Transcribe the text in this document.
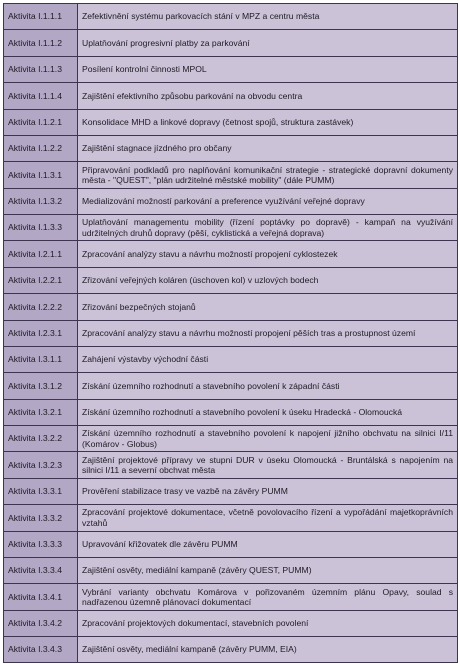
Aktivita I.1.1.1	Zefektivnění systému parkovacích stání v MPZ a centru města
Aktivita I.1.1.2	Uplatňování progresivní platby za parkování
Aktivita I.1.1.3	Posílení kontrolní činnosti MPOL
Aktivita I.1.1.4	Zajištění efektivního způsobu parkování na obvodu centra
Aktivita I.1.2.1	Konsolidace MHD a linkové dopravy (četnost spojů, struktura zastávek)
Aktivita I.1.2.2	Zajištění stagnace jízdného pro občany
Aktivita I.1.3.1	Připravování podkladů pro naplňování komunikační strategie - strategické dopravní dokumenty města - "QUEST", "plán udržitelné městské mobility" (dále PUMM)
Aktivita I.1.3.2	Medializování možností parkování a preference využívání veřejné dopravy
Aktivita I.1.3.3	Uplatňování managementu mobility (řízení poptávky po dopravě) - kampaň na využívání udržitelných druhů dopravy (pěší, cyklistická a veřejná doprava)
Aktivita I.2.1.1	Zpracování analýzy stavu a návrhu možností propojení cyklostezek
Aktivita I.2.2.1	Zřizování veřejných koláren (úschoven kol) v uzlových bodech
Aktivita I.2.2.2	Zřizování bezpečných stojanů
Aktivita I.2.3.1	Zpracování analýzy stavu a návrhu možností propojení pěších tras a prostupnost území
Aktivita I.3.1.1	Zahájení výstavby východní části
Aktivita I.3.1.2	Získání územního rozhodnutí a stavebního povolení k západní části
Aktivita I.3.2.1	Získání územního rozhodnutí a stavebního povolení k úseku Hradecká - Olomoucká
Aktivita I.3.2.2	Získání územního rozhodnutí a stavebního povolení k napojení jižního obchvatu na silnici I/11 (Komárov - Globus)
Aktivita I.3.2.3	Zajištění projektové přípravy ve stupni DUR v úseku Olomoucká - Bruntálská s napojením na silnici I/11 a severní obchvat města
Aktivita I.3.3.1	Prověření stabilizace trasy ve vazbě na závěry PUMM
Aktivita I.3.3.2	Zpracování projektové dokumentace, včetně povolovacího řízení a vypořádání majetkoprávních vztahů
Aktivita I.3.3.3	Upravování křižovatek dle závěru PUMM
Aktivita I.3.3.4	Zajištění osvěty, mediální kampaně (závěry QUEST, PUMM)
Aktivita I.3.4.1	Vybrání varianty obchvatu Komárova v pořizovaném územním plánu Opavy, soulad s nadřazenou územně plánovací dokumentací
Aktivita I.3.4.2	Zpracování projektových dokumentací, stavebních povolení
Aktivita I.3.4.3	Zajištění osvěty, mediální kampaně (závěry PUMM, EIA)
